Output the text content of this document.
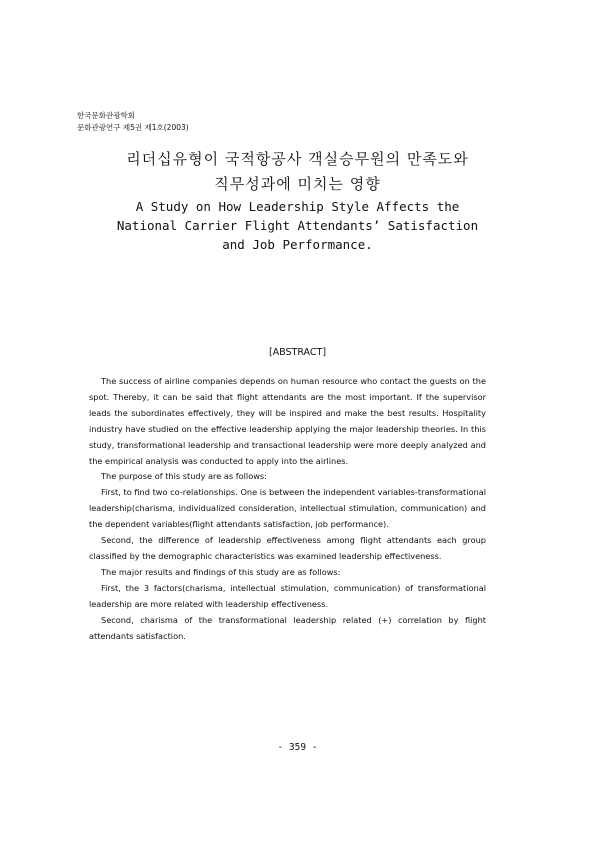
한국문화관광학회
문화관광연구 제5권 제1호(2003)
리더십유형이 국적항공사 객실승무원의 만족도와
직무성과에 미치는 영향
A Study on How Leadership Style Affects the
National Carrier Flight Attendants’ Satisfaction
and Job Performance.
[ABSTRACT]

The success of airline companies depends on human resource who contact the guests on the spot. Thereby, it can be said that flight attendants are the most important. If the supervisor leads the subordinates effectively, they will be inspired and make the best results. Hospitality industry have studied on the effective leadership applying the major leadership theories. In this study, transformational leadership and transactional leadership were more deeply analyzed and the empirical analysis was conducted to apply into the airlines.

The purpose of this study are as follows:

First, to find two co-relationships. One is between the independent variables-transformational leadership(charisma, individualized consideration, intellectual stimulation, communication) and the dependent variables(flight attendants satisfaction, job performance).

Second, the difference of leadership effectiveness among flight attendants each group classified by the demographic characteristics was examined leadership effectiveness.

The major results and findings of this study are as follows:

First, the 3 factors(charisma, intellectual stimulation, communication) of transformational leadership are more related with leadership effectiveness.

Second, charisma of the transformational leadership related (+) correlation by flight attendants satisfaction.

- 359 -
